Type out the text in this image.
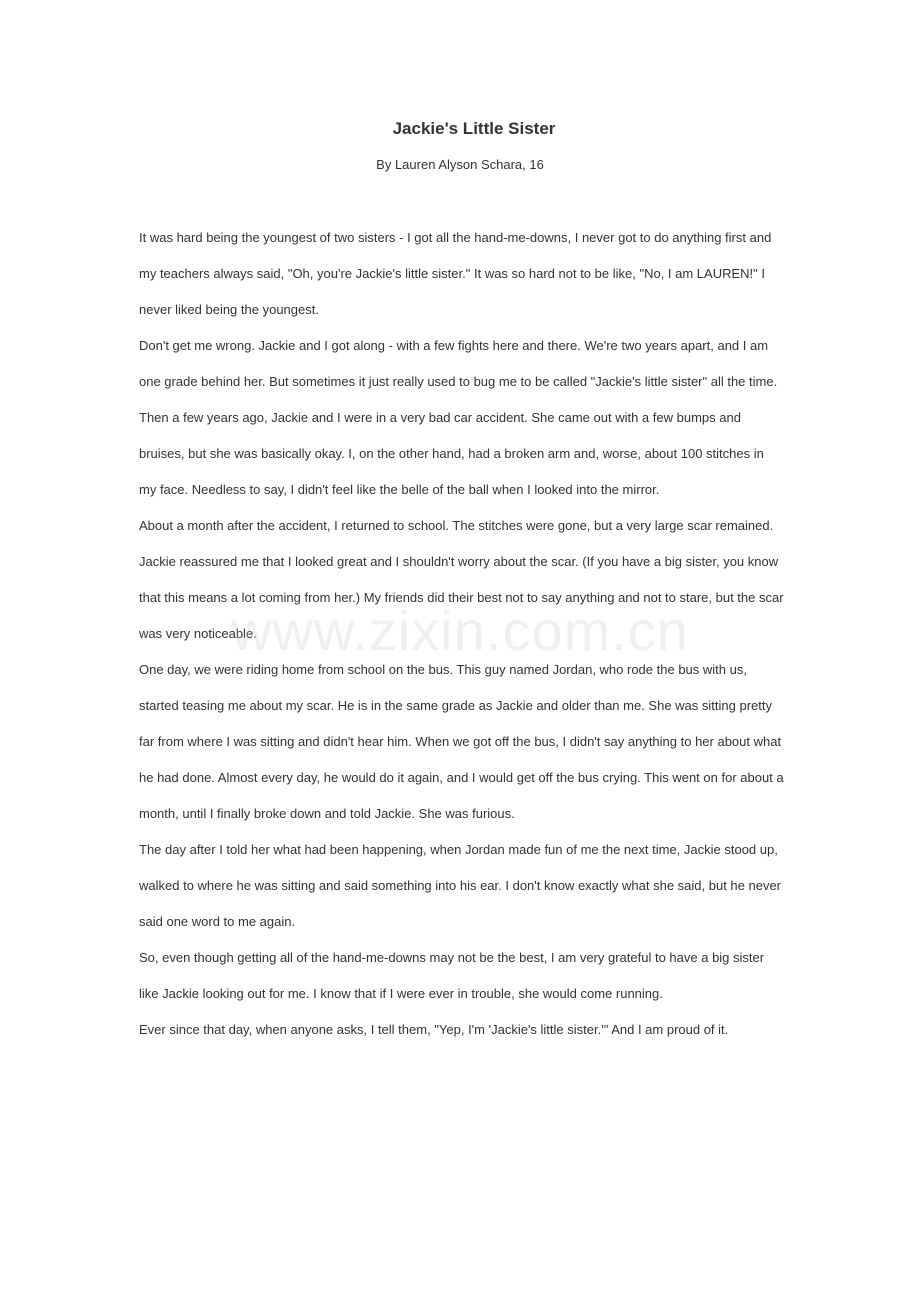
Jackie's Little Sister

By Lauren Alyson Schara, 16

It was hard being the youngest of two sisters - I got all the hand-me-downs, I never got to do anything first and my teachers always said, "Oh, you're Jackie's little sister." It was so hard not to be like, "No, I am LAUREN!" I never liked being the youngest.

Don't get me wrong. Jackie and I got along - with a few fights here and there. We're two years apart, and I am one grade behind her. But sometimes it just really used to bug me to be called "Jackie's little sister" all the time.

Then a few years ago, Jackie and I were in a very bad car accident. She came out with a few bumps and bruises, but she was basically okay. I, on the other hand, had a broken arm and, worse, about 100 stitches in my face. Needless to say, I didn't feel like the belle of the ball when I looked into the mirror.

About a month after the accident, I returned to school. The stitches were gone, but a very large scar remained. Jackie reassured me that I looked great and I shouldn't worry about the scar. (If you have a big sister, you know that this means a lot coming from her.) My friends did their best not to say anything and not to stare, but the scar was very noticeable.

One day, we were riding home from school on the bus. This guy named Jordan, who rode the bus with us, started teasing me about my scar. He is in the same grade as Jackie and older than me. She was sitting pretty far from where I was sitting and didn't hear him. When we got off the bus, I didn't say anything to her about what he had done. Almost every day, he would do it again, and I would get off the bus crying. This went on for about a month, until I finally broke down and told Jackie. She was furious.

The day after I told her what had been happening, when Jordan made fun of me the next time, Jackie stood up, walked to where he was sitting and said something into his ear. I don't know exactly what she said, but he never said one word to me again.

So, even though getting all of the hand-me-downs may not be the best, I am very grateful to have a big sister like Jackie looking out for me. I know that if I were ever in trouble, she would come running.

Ever since that day, when anyone asks, I tell them, "Yep, I'm 'Jackie's little sister.'" And I am proud of it.

www.zixin.com.cn
